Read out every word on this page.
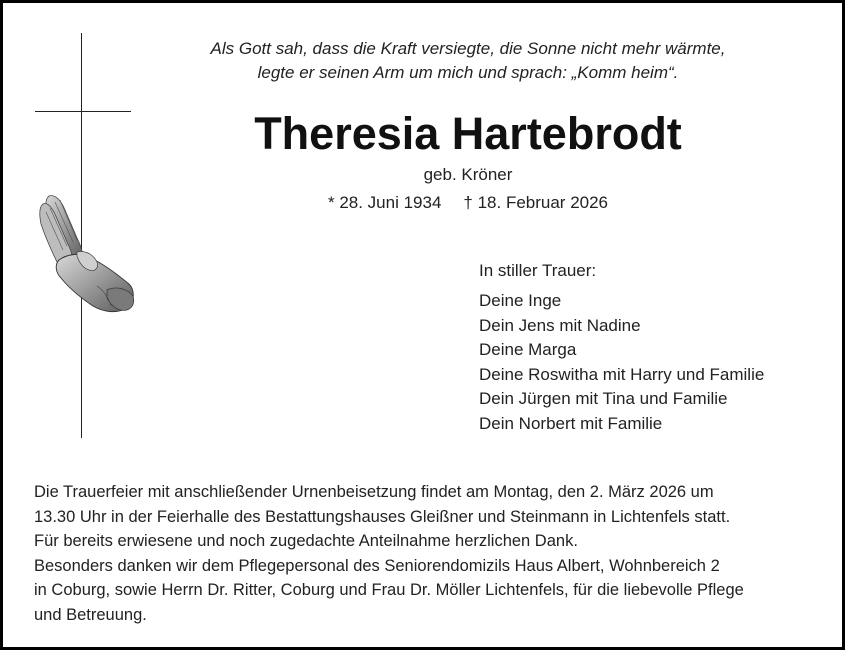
Als Gott sah, dass die Kraft versiegte, die Sonne nicht mehr wärmte,
legte er seinen Arm um mich und sprach: „Komm heim“.
Theresia Hartebrodt
geb. Kröner
* 28. Juni 1934 † 18. Februar 2026
In stiller Trauer:
Deine Inge
Dein Jens mit Nadine
Deine Marga
Deine Roswitha mit Harry und Familie
Dein Jürgen mit Tina und Familie
Dein Norbert mit Familie
Die Trauerfeier mit anschließender Urnenbeisetzung findet am Montag, den 2. März 2026 um
13.30 Uhr in der Feierhalle des Bestattungshauses Gleißner und Steinmann in Lichtenfels statt.
Für bereits erwiesene und noch zugedachte Anteilnahme herzlichen Dank.
Besonders danken wir dem Pflegepersonal des Seniorendomizils Haus Albert, Wohnbereich 2
in Coburg, sowie Herrn Dr. Ritter, Coburg und Frau Dr. Möller Lichtenfels, für die liebevolle Pflege
und Betreuung.
